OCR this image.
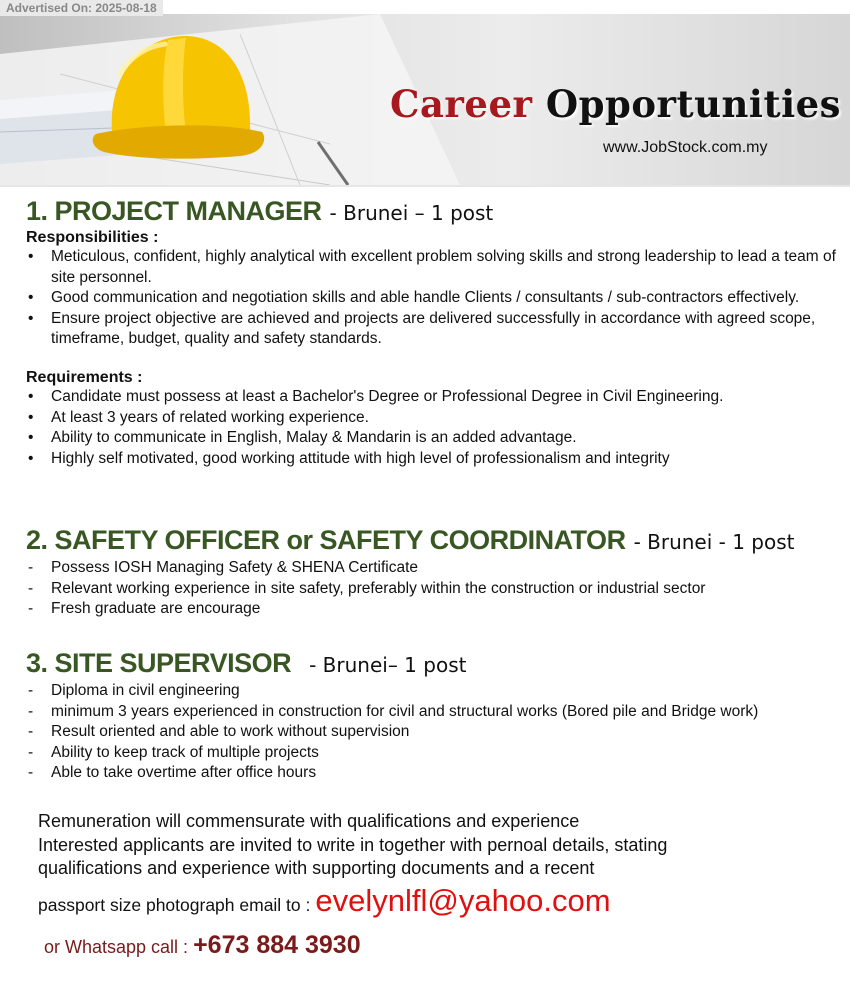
Advertised On: 2025-08-18
Career Opportunities
www.JobStock.com.my
1. PROJECT MANAGER - Brunei – 1 post
Responsibilities :
• Meticulous, confident, highly analytical with excellent problem solving skills and strong leadership to lead a team of site personnel.
• Good communication and negotiation skills and able handle Clients / consultants / sub-contractors effectively.
• Ensure project objective are achieved and projects are delivered successfully in accordance with agreed scope, timeframe, budget, quality and safety standards.
Requirements :
• Candidate must possess at least a Bachelor's Degree or Professional Degree in Civil Engineering.
• At least 3 years of related working experience.
• Ability to communicate in English, Malay & Mandarin is an added advantage.
• Highly self motivated, good working attitude with high level of professionalism and integrity
2. SAFETY OFFICER or SAFETY COORDINATOR - Brunei - 1 post
- Possess IOSH Managing Safety & SHENA Certificate
- Relevant working experience in site safety, preferably within the construction or industrial sector
- Fresh graduate are encourage
3. SITE SUPERVISOR - Brunei– 1 post
- Diploma in civil engineering
- minimum 3 years experienced in construction for civil and structural works (Bored pile and Bridge work)
- Result oriented and able to work without supervision
- Ability to keep track of multiple projects
- Able to take overtime after office hours
Remuneration will commensurate with qualifications and experience
Interested applicants are invited to write in together with pernoal details, stating
qualifications and experience with supporting documents and a recent
passport size photograph email to : evelynlfl@yahoo.com
or Whatsapp call : +673 884 3930
